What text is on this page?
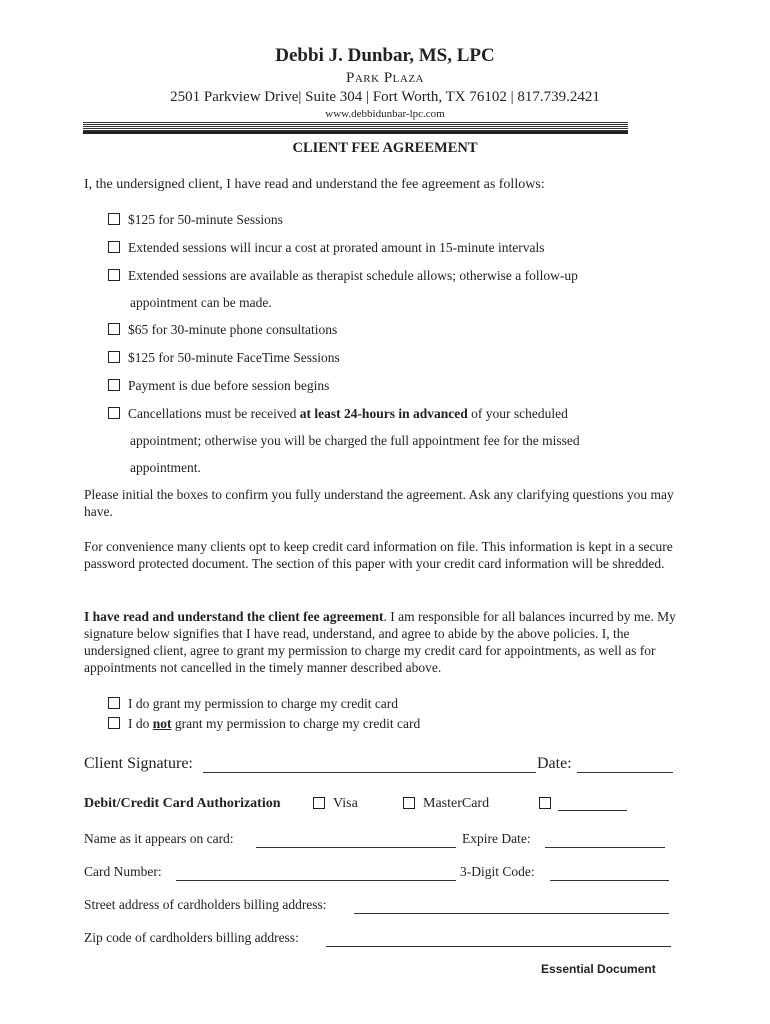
Debbi J. Dunbar, MS, LPC
Park Plaza
2501 Parkview Drive| Suite 304 | Fort Worth, TX 76102 | 817.739.2421
www.debbidunbar-lpc.com
CLIENT FEE AGREEMENT
I, the undersigned client, I have read and understand the fee agreement as follows:
$125 for 50-minute Sessions
Extended sessions will incur a cost at prorated amount in 15-minute intervals
Extended sessions are available as therapist schedule allows; otherwise a follow-up
appointment can be made.
$65 for 30-minute phone consultations
$125 for 50-minute FaceTime Sessions
Payment is due before session begins
Cancellations must be received at least 24-hours in advanced of your scheduled
appointment; otherwise you will be charged the full appointment fee for the missed
appointment.
Please initial the boxes to confirm you fully understand the agreement. Ask any clarifying questions you may have.
For convenience many clients opt to keep credit card information on file. This information is kept in a secure password protected document. The section of this paper with your credit card information will be shredded.
I have read and understand the client fee agreement. I am responsible for all balances incurred by me. My signature below signifies that I have read, understand, and agree to abide by the above policies. I, the undersigned client, agree to grant my permission to charge my credit card for appointments, as well as for appointments not cancelled in the timely manner described above.
I do grant my permission to charge my credit card
I do not grant my permission to charge my credit card
Client Signature:	Date:
Debit/Credit Card Authorization	Visa	MasterCard
Name as it appears on card:	Expire Date:
Card Number:	3-Digit Code:
Street address of cardholders billing address:
Zip code of cardholders billing address:
Essential Document
